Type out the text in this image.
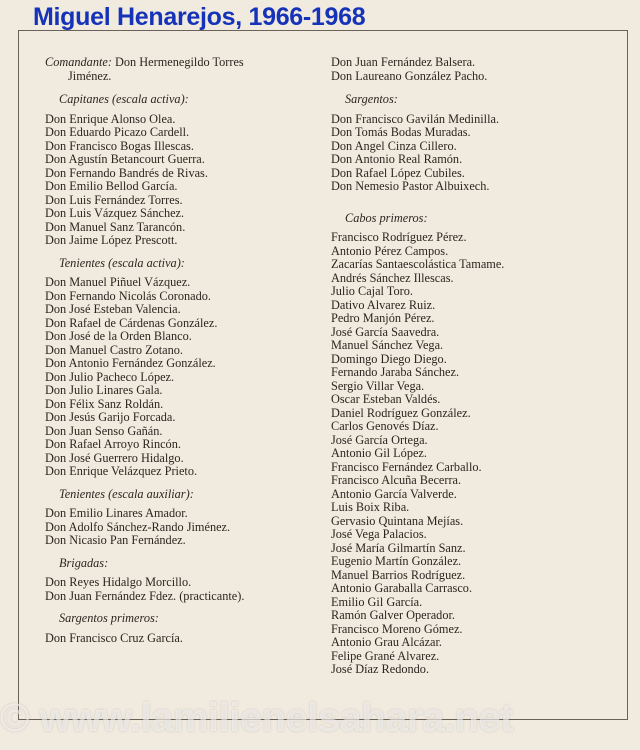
Miguel Henarejos, 1966-1968
Comandante: Don Hermenegildo Torres
Jiménez.
Capitanes (escala activa):
Don Enrique Alonso Olea.
Don Eduardo Picazo Cardell.
Don Francisco Bogas Illescas.
Don Agustín Betancourt Guerra.
Don Fernando Bandrés de Rivas.
Don Emilio Bellod García.
Don Luis Fernández Torres.
Don Luis Vázquez Sánchez.
Don Manuel Sanz Tarancón.
Don Jaime López Prescott.
Tenientes (escala activa):
Don Manuel Piñuel Vázquez.
Don Fernando Nicolás Coronado.
Don José Esteban Valencia.
Don Rafael de Cárdenas González.
Don José de la Orden Blanco.
Don Manuel Castro Zotano.
Don Antonio Fernández González.
Don Julio Pacheco López.
Don Julio Linares Gala.
Don Félix Sanz Roldán.
Don Jesús Garijo Forcada.
Don Juan Senso Gañán.
Don Rafael Arroyo Rincón.
Don José Guerrero Hidalgo.
Don Enrique Velázquez Prieto.
Tenientes (escala auxiliar):
Don Emilio Linares Amador.
Don Adolfo Sánchez-Rando Jiménez.
Don Nicasio Pan Fernández.
Brigadas:
Don Reyes Hidalgo Morcillo.
Don Juan Fernández Fdez. (practicante).
Sargentos primeros:
Don Francisco Cruz García.
Don Juan Fernández Balsera.
Don Laureano González Pacho.
Sargentos:
Don Francisco Gavilán Medinilla.
Don Tomás Bodas Muradas.
Don Angel Cinza Cillero.
Don Antonio Real Ramón.
Don Rafael López Cubiles.
Don Nemesio Pastor Albuixech.
Cabos primeros:
Francisco Rodríguez Pérez.
Antonio Pérez Campos.
Zacarías Santaescolástica Tamame.
Andrés Sánchez Illescas.
Julio Cajal Toro.
Dativo Alvarez Ruiz.
Pedro Manjón Pérez.
José García Saavedra.
Manuel Sánchez Vega.
Domingo Diego Diego.
Fernando Jaraba Sánchez.
Sergio Villar Vega.
Oscar Esteban Valdés.
Daniel Rodríguez González.
Carlos Genovés Díaz.
José García Ortega.
Antonio Gil López.
Francisco Fernández Carballo.
Francisco Alcuña Becerra.
Antonio García Valverde.
Luis Boix Riba.
Gervasio Quintana Mejías.
José Vega Palacios.
José María Gilmartín Sanz.
Eugenio Martín González.
Manuel Barrios Rodríguez.
Antonio Garaballa Carrasco.
Emilio Gil García.
Ramón Galver Operador.
Francisco Moreno Gómez.
Antonio Grau Alcázar.
Felipe Grané Alvarez.
José Díaz Redondo.
© www.lamilienelsahara.net
